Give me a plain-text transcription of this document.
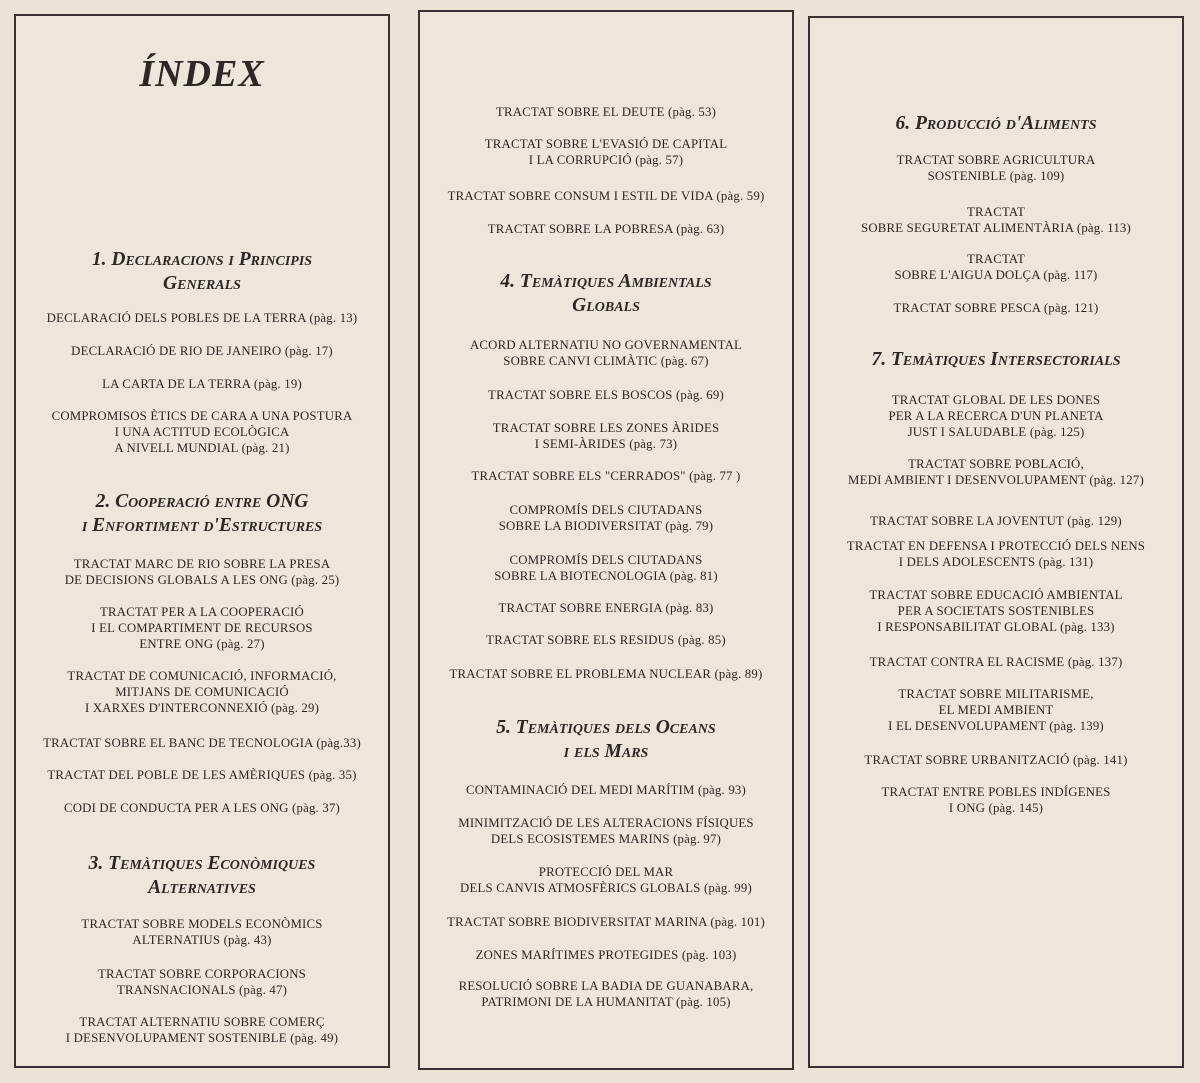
ÍNDEX
1. Declaracions i Principis
Generals
DECLARACIÓ DELS POBLES DE LA TERRA (pàg. 13)
DECLARACIÓ DE RIO DE JANEIRO (pàg. 17)
LA CARTA DE LA TERRA (pàg. 19)
COMPROMISOS ÈTICS DE CARA A UNA POSTURA
I UNA ACTITUD ECOLÒGICA
A NIVELL MUNDIAL (pàg. 21)
2. Cooperació entre ONG
i Enfortiment d'Estructures
TRACTAT MARC DE RIO SOBRE LA PRESA
DE DECISIONS GLOBALS A LES ONG (pàg. 25)
TRACTAT PER A LA COOPERACIÓ
I EL COMPARTIMENT DE RECURSOS
ENTRE ONG (pàg. 27)
TRACTAT DE COMUNICACIÓ, INFORMACIÓ,
MITJANS DE COMUNICACIÓ
I XARXES D'INTERCONNEXIÓ (pàg. 29)
TRACTAT SOBRE EL BANC DE TECNOLOGIA (pàg.33)
TRACTAT DEL POBLE DE LES AMÈRIQUES (pàg. 35)
CODI DE CONDUCTA PER A LES ONG (pàg. 37)
3. Temàtiques Econòmiques
Alternatives
TRACTAT SOBRE MODELS ECONÒMICS
ALTERNATIUS (pàg. 43)
TRACTAT SOBRE CORPORACIONS
TRANSNACIONALS (pàg. 47)
TRACTAT ALTERNATIU SOBRE COMERÇ
I DESENVOLUPAMENT SOSTENIBLE (pàg. 49)
TRACTAT SOBRE EL DEUTE (pàg. 53)
TRACTAT SOBRE L'EVASIÓ DE CAPITAL
I LA CORRUPCIÓ (pàg. 57)
TRACTAT SOBRE CONSUM I ESTIL DE VIDA (pàg. 59)
TRACTAT SOBRE LA POBRESA (pàg. 63)
4. Temàtiques Ambientals
Globals
ACORD ALTERNATIU NO GOVERNAMENTAL
SOBRE CANVI CLIMÀTIC (pàg. 67)
TRACTAT SOBRE ELS BOSCOS (pàg. 69)
TRACTAT SOBRE LES ZONES ÀRIDES
I SEMI-ÀRIDES (pàg. 73)
TRACTAT SOBRE ELS "CERRADOS" (pàg. 77 )
COMPROMÍS DELS CIUTADANS
SOBRE LA BIODIVERSITAT (pàg. 79)
COMPROMÍS DELS CIUTADANS
SOBRE LA BIOTECNOLOGIA (pàg. 81)
TRACTAT SOBRE ENERGIA (pàg. 83)
TRACTAT SOBRE ELS RESIDUS (pàg. 85)
TRACTAT SOBRE EL PROBLEMA NUCLEAR (pàg. 89)
5. Temàtiques dels Oceans
i els Mars
CONTAMINACIÓ DEL MEDI MARÍTIM (pàg. 93)
MINIMITZACIÓ DE LES ALTERACIONS FÍSIQUES
DELS ECOSISTEMES MARINS (pàg. 97)
PROTECCIÓ DEL MAR
DELS CANVIS ATMOSFÈRICS GLOBALS (pàg. 99)
TRACTAT SOBRE BIODIVERSITAT MARINA (pàg. 101)
ZONES MARÍTIMES PROTEGIDES (pàg. 103)
RESOLUCIÓ SOBRE LA BADIA DE GUANABARA,
PATRIMONI DE LA HUMANITAT (pàg. 105)
6. Producció d'Aliments
TRACTAT SOBRE AGRICULTURA
SOSTENIBLE (pàg. 109)
TRACTAT
SOBRE SEGURETAT ALIMENTÀRIA (pàg. 113)
TRACTAT
SOBRE L'AIGUA DOLÇA (pàg. 117)
TRACTAT SOBRE PESCA (pàg. 121)
7. Temàtiques Intersectorials
TRACTAT GLOBAL DE LES DONES
PER A LA RECERCA D'UN PLANETA
JUST I SALUDABLE (pàg. 125)
TRACTAT SOBRE POBLACIÓ,
MEDI AMBIENT I DESENVOLUPAMENT (pàg. 127)
TRACTAT SOBRE LA JOVENTUT (pàg. 129)
TRACTAT EN DEFENSA I PROTECCIÓ DELS NENS
I DELS ADOLESCENTS (pàg. 131)
TRACTAT SOBRE EDUCACIÓ AMBIENTAL
PER A SOCIETATS SOSTENIBLES
I RESPONSABILITAT GLOBAL (pàg. 133)
TRACTAT CONTRA EL RACISME (pàg. 137)
TRACTAT SOBRE MILITARISME,
EL MEDI AMBIENT
I EL DESENVOLUPAMENT (pàg. 139)
TRACTAT SOBRE URBANITZACIÓ (pàg. 141)
TRACTAT ENTRE POBLES INDÍGENES
I ONG (pàg. 145)
